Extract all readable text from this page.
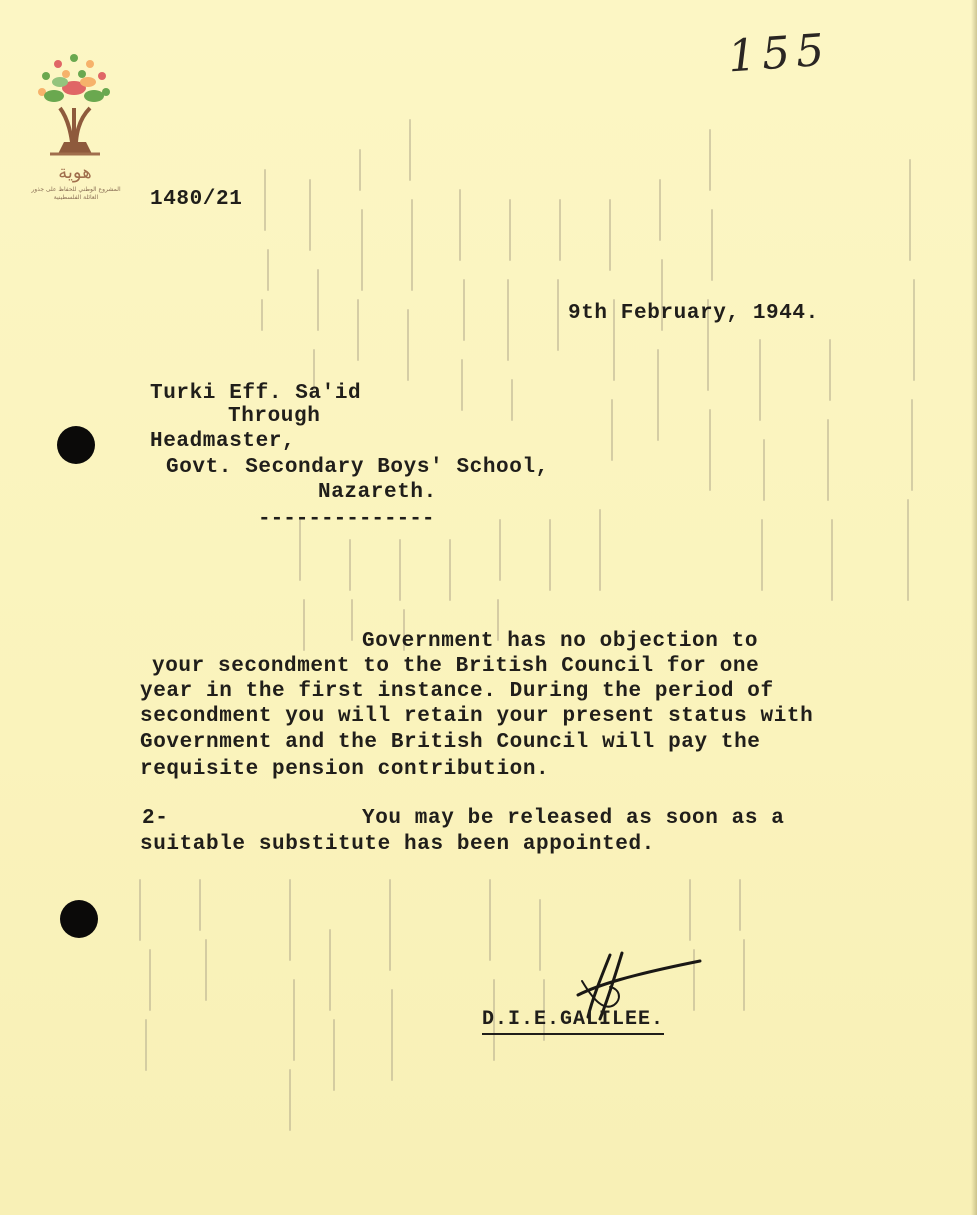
هوية
المشروع الوطني للحفاظ على جذور العائلة الفلسطينية
155
1480/21
9th February, 1944.
Turki Eff. Sa'id
Through
Headmaster,
Govt. Secondary Boys' School,
Nazareth.
--------------
Government has no objection to
your secondment to the British Council for one
year in the first instance. During the period of
secondment you will retain your present status with
Government and the British Council will pay the
requisite pension contribution.
2-	You may be released as soon as a
suitable substitute has been appointed.
D.I.E.GALILEE.
